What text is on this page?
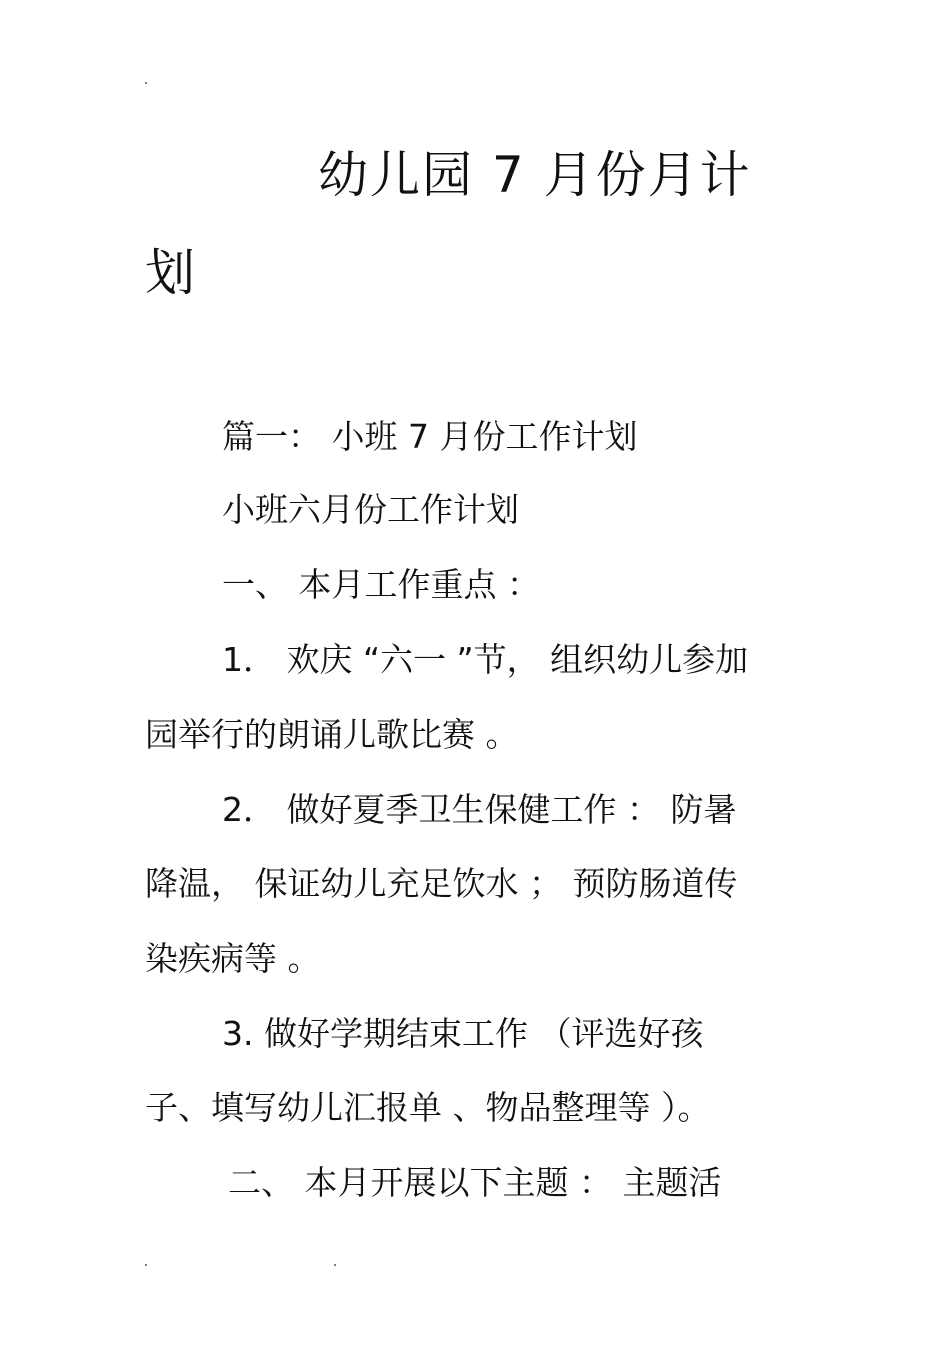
幼儿园 7 月份月计
划
篇一： 小班 7 月份工作计划
小班六月份工作计划
一、 本月工作重点 ：
1． 欢庆 “六一 ”节， 组织幼儿参加
园举行的朗诵儿歌比赛 。
2． 做好夏季卫生保健工作 ： 防暑
降温， 保证幼儿充足饮水 ； 预防肠道传
染疾病等 。
3. 做好学期结束工作 （评选好孩
子、填写幼儿汇报单 、物品整理等 ）。
二、 本月开展以下主题 ： 主题活
